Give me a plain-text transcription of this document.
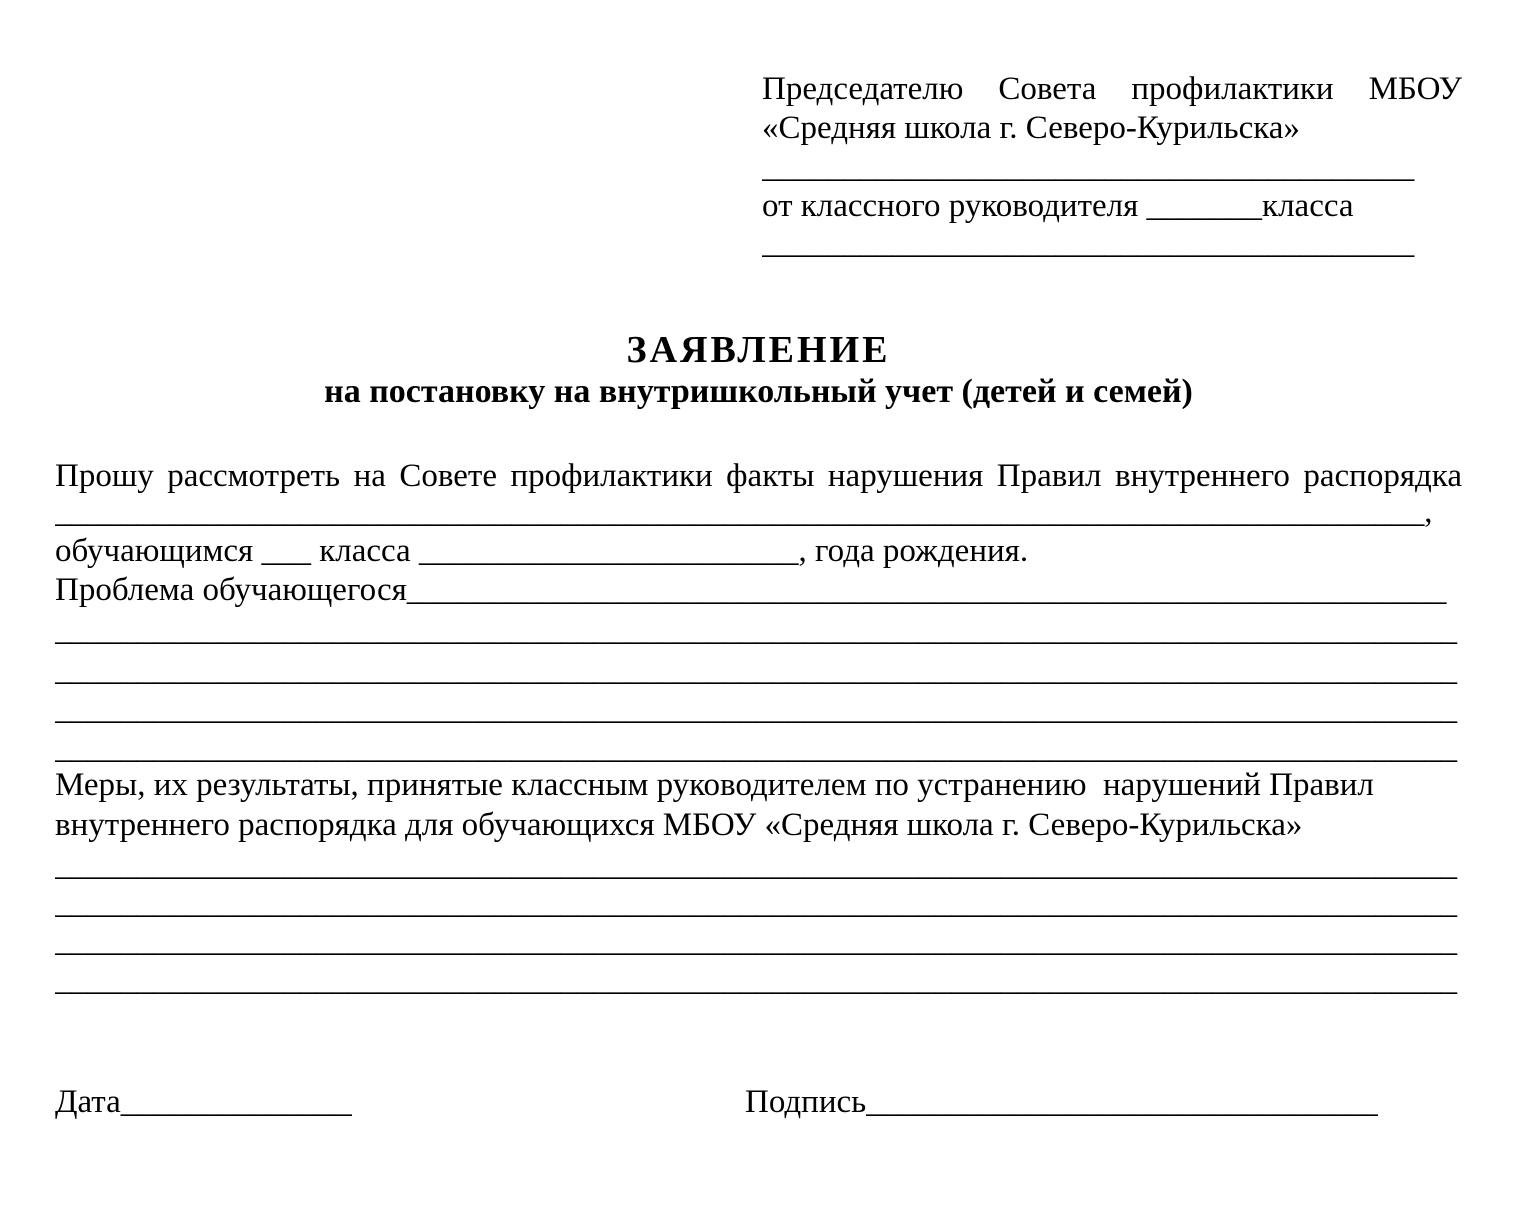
Председателю Совета профилактики МБОУ
«Средняя школа г. Северо-Курильска»
________________________________________
от классного руководителя _______класса
________________________________________
ЗАЯВЛЕНИЕ
на постановку на внутришкольный учет (детей и семей)
Прошу рассмотреть на Совете профилактики факты нарушения Правил внутреннего распорядка
____________________________________________________________________________________,
обучающимся ___ класса _______________________, года рождения.
Проблема обучающегося_______________________________________________________________
______________________________________________________________________________________
______________________________________________________________________________________
______________________________________________________________________________________
______________________________________________________________________________________
Меры, их результаты, принятые классным руководителем по устранению  нарушений Правил
внутреннего распорядка для обучающихся МБОУ «Средняя школа г. Северо-Курильска»
______________________________________________________________________________________
______________________________________________________________________________________
______________________________________________________________________________________
______________________________________________________________________________________
Дата______________	Подпись_______________________________
